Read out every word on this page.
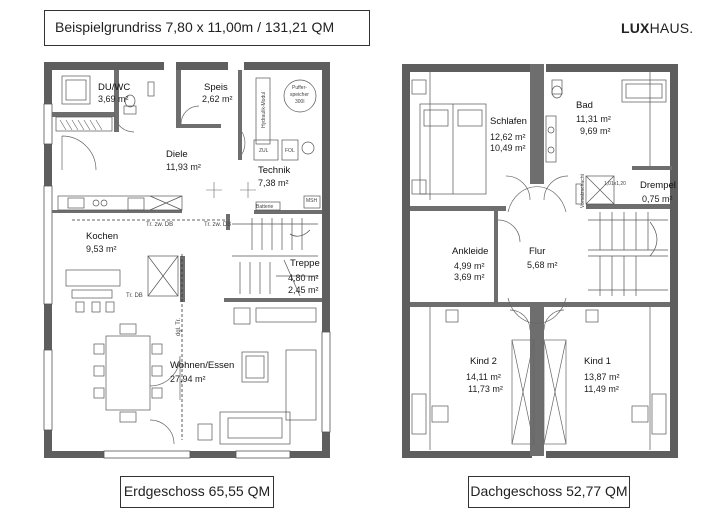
Beispielgrundriss 7,80 x 11,00m / 131,21 QM	LUXHAUS.
DU/WC
3,69 m²
Speis
2,62 m²
Diele
11,93 m²	Technik
7,38 m²
Kochen
9,53 m²
Treppe
4,80 m²
2,45 m²
Wohnen/Essen
27,94 m²
Puffer-
speicher
300l
Hydraulik-Modul
ZUL	FOL
Batterie
MSH
Tr. zw. DB	Tr. zw. DB
Tr. DB
dgl. Tr.
Schlafen
12,62 m²
10,49 m²
Bad
11,31 m²
9,69 m²
Drempel
0,75 m²
Ankleide
4,99 m²
3,69 m²
Flur
5,68 m²
Kind 2
14,11 m²
11,73 m²
Kind 1
13,87 m²
11,49 m²
1,01x1,20
Vorsatzschacht
Erdgeschoss 65,55 QM	Dachgeschoss 52,77 QM
